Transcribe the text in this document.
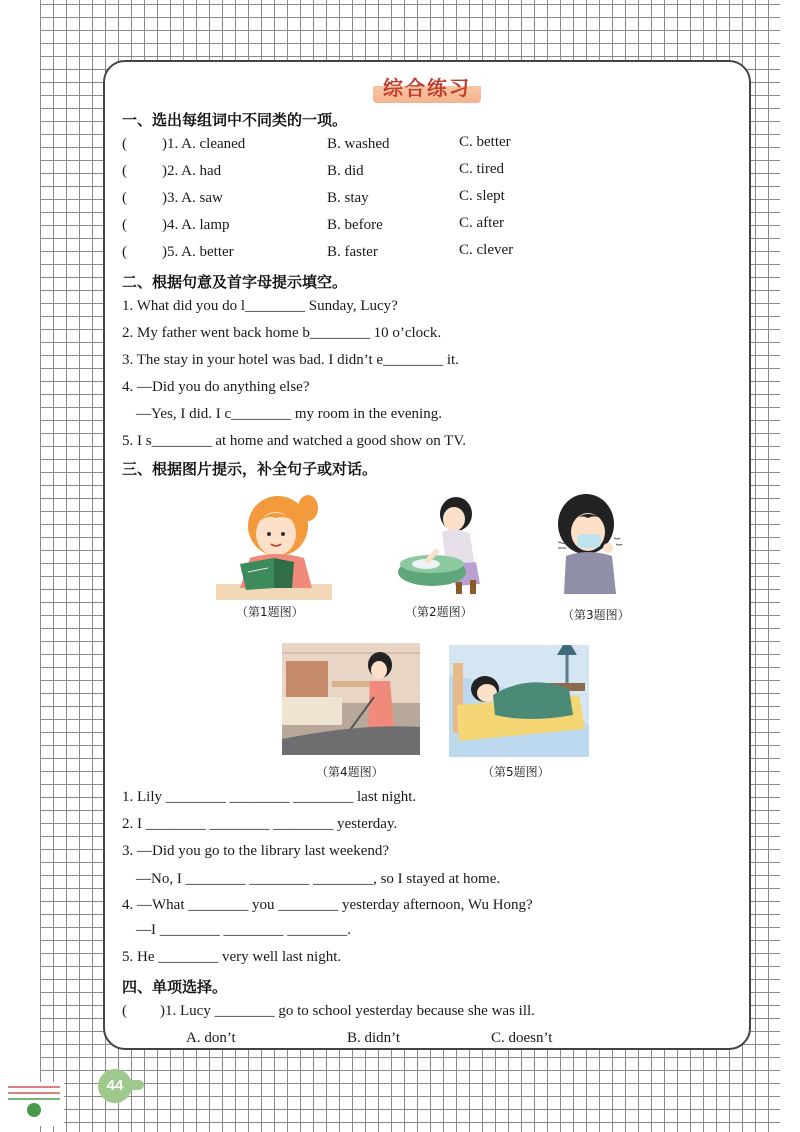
综合练习
一、选出每组词中不同类的一项。
( )1. A. cleaned	B. washed	C. better
( )2. A. had	B. did	C. tired
( )3. A. saw	B. stay	C. slept
( )4. A. lamp	B. before	C. after
( )5. A. better	B. faster	C. clever
二、根据句意及首字母提示填空。
1. What did you do l________ Sunday, Lucy?
2. My father went back home b________ 10 o’clock.
3. The stay in your hotel was bad. I didn’t e________ it.
4. —Did you do anything else?
—Yes, I did. I c________ my room in the evening.
5. I s________ at home and watched a good show on TV.
三、根据图片提示，补全句子或对话。
（第1题图）	（第2题图）	（第3题图）
（第4题图）	（第5题图）
1. Lily ________ ________ ________ last night.
2. I ________ ________ ________ yesterday.
3. —Did you go to the library last weekend?
—No, I ________ ________ ________, so I stayed at home.
4. —What ________ you ________ yesterday afternoon, Wu Hong?
—I ________ ________ ________.
5. He ________ very well last night.
四、单项选择。
( )1. Lucy ________ go to school yesterday because she was ill.
A. don’t	B. didn’t	C. doesn’t
44
